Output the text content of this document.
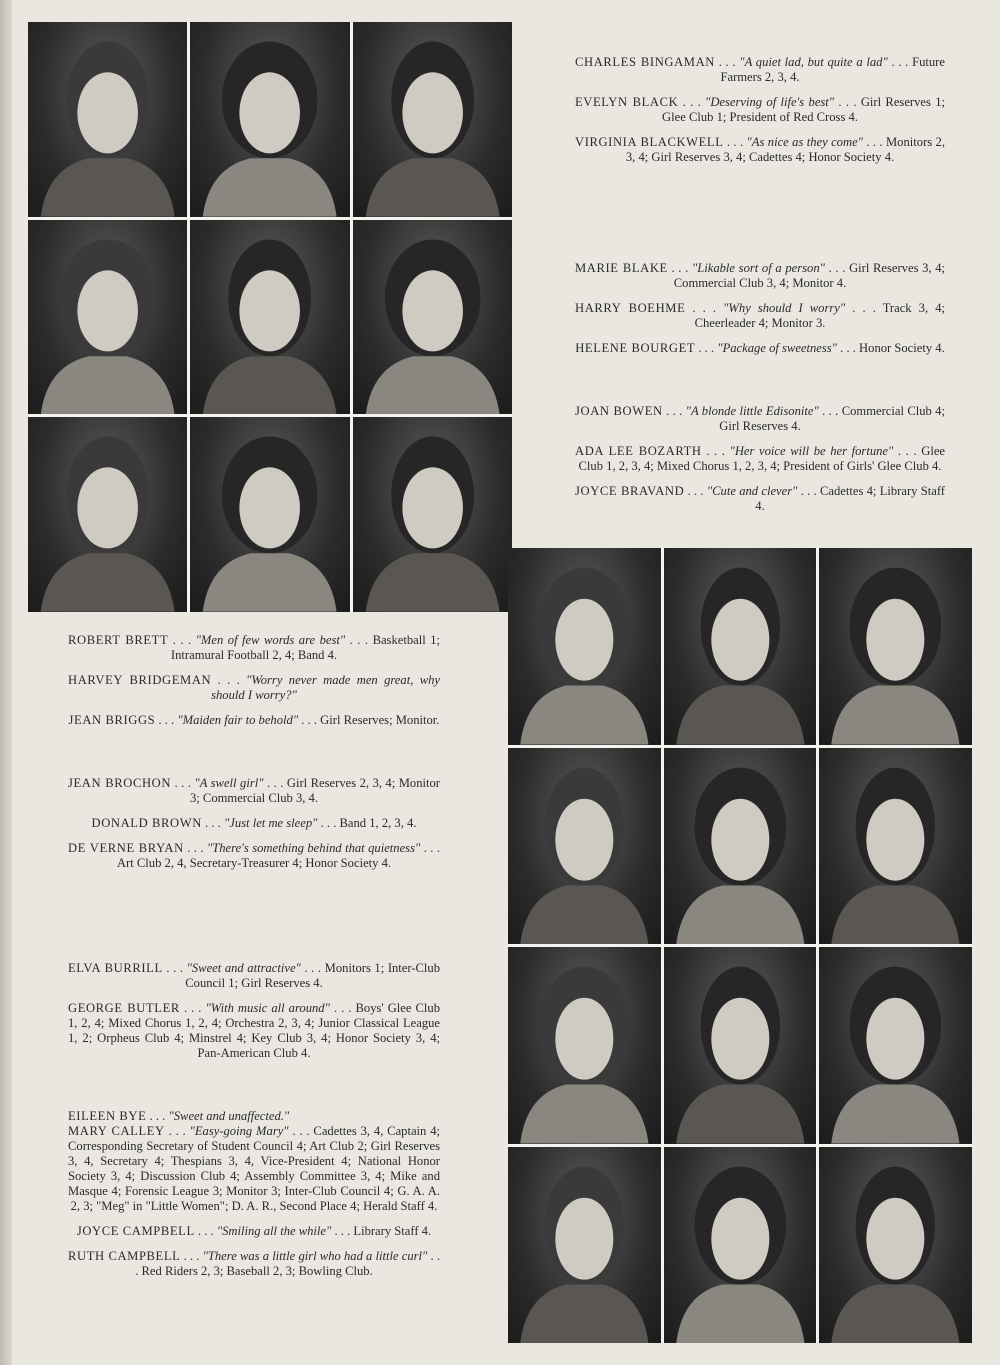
CHARLES BINGAMAN . . . "A quiet lad, but quite a lad" . . . Future Farmers 2, 3, 4.

EVELYN BLACK . . . "Deserving of life's best" . . . Girl Reserves 1; Glee Club 1; President of Red Cross 4.

VIRGINIA BLACKWELL . . . "As nice as they come" . . . Monitors 2, 3, 4; Girl Reserves 3, 4; Cadettes 4; Honor Society 4.

MARIE BLAKE . . . "Likable sort of a person" . . . Girl Reserves 3, 4; Commercial Club 3, 4; Monitor 4.

HARRY BOEHME . . . "Why should I worry" . . . Track 3, 4; Cheerleader 4; Monitor 3.

HELENE BOURGET . . . "Package of sweetness" . . . Honor Society 4.

JOAN BOWEN . . . "A blonde little Edisonite" . . . Commercial Club 4; Girl Reserves 4.

ADA LEE BOZARTH . . . "Her voice will be her fortune" . . . Glee Club 1, 2, 3, 4; Mixed Chorus 1, 2, 3, 4; President of Girls' Glee Club 4.

JOYCE BRAVAND . . . "Cute and clever" . . . Cadettes 4; Library Staff 4.

ROBERT BRETT . . . "Men of few words are best" . . . Basketball 1; Intramural Football 2, 4; Band 4.

HARVEY BRIDGEMAN . . . "Worry never made men great, why should I worry?"

JEAN BRIGGS . . . "Maiden fair to behold" . . . Girl Reserves; Monitor.

JEAN BROCHON . . . "A swell girl" . . . Girl Reserves 2, 3, 4; Monitor 3; Commercial Club 3, 4.

DONALD BROWN . . . "Just let me sleep" . . . Band 1, 2, 3, 4.

DE VERNE BRYAN . . . "There's something behind that quietness" . . . Art Club 2, 4, Secretary-Treasurer 4; Honor Society 4.

ELVA BURRILL . . . "Sweet and attractive" . . . Monitors 1; Inter-Club Council 1; Girl Reserves 4.

GEORGE BUTLER . . . "With music all around" . . . Boys' Glee Club 1, 2, 4; Mixed Chorus 1, 2, 4; Orchestra 2, 3, 4; Junior Classical League 1, 2; Orpheus Club 4; Minstrel 4; Key Club 3, 4; Honor Society 3, 4; Pan-American Club 4.

EILEEN BYE . . . "Sweet and unaffected."

MARY CALLEY . . . "Easy-going Mary" . . . Cadettes 3, 4, Captain 4; Corresponding Secretary of Student Council 4; Art Club 2; Girl Reserves 3, 4, Secretary 4; Thespians 3, 4, Vice-President 4; National Honor Society 3, 4; Discussion Club 4; Assembly Committee 3, 4; Mike and Masque 4; Forensic League 3; Monitor 3; Inter-Club Council 4; G. A. A. 2, 3; "Meg" in "Little Women"; D. A. R., Second Place 4; Herald Staff 4.

JOYCE CAMPBELL . . . "Smiling all the while" . . . Library Staff 4.

RUTH CAMPBELL . . . "There was a little girl who had a little curl" . . . Red Riders 2, 3; Baseball 2, 3; Bowling Club.
